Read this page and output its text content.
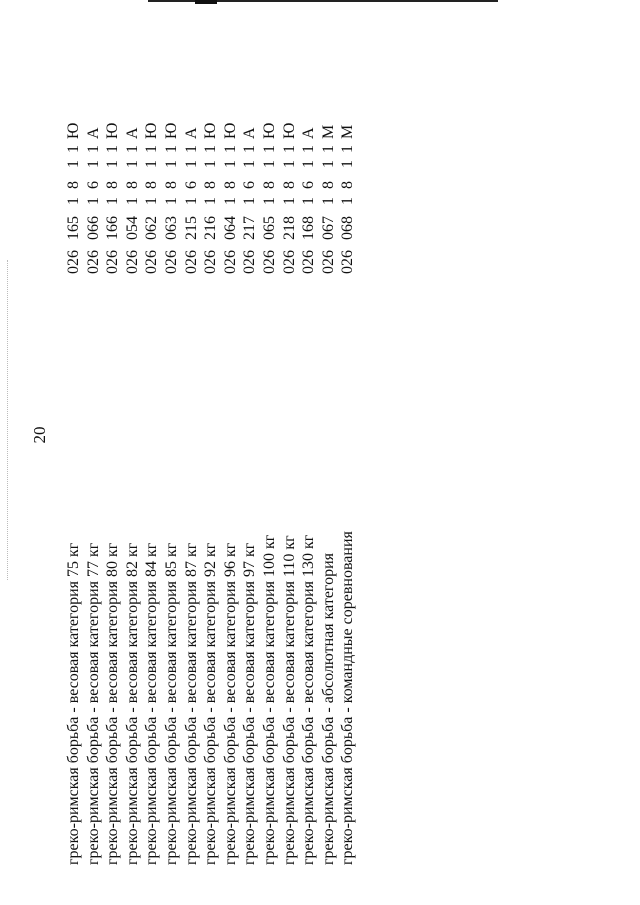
20
греко-римская борьба - весовая категория 75 кг
026
165
1
8
1
1
Ю
греко-римская борьба - весовая категория 77 кг
026
066
1
6
1
1
А
греко-римская борьба - весовая категория 80 кг
026
166
1
8
1
1
Ю
греко-римская борьба - весовая категория 82 кг
026
054
1
8
1
1
А
греко-римская борьба - весовая категория 84 кг
026
062
1
8
1
1
Ю
греко-римская борьба - весовая категория 85 кг
026
063
1
8
1
1
Ю
греко-римская борьба - весовая категория 87 кг
026
215
1
6
1
1
А
греко-римская борьба - весовая категория 92 кг
026
216
1
8
1
1
Ю
греко-римская борьба - весовая категория 96 кг
026
064
1
8
1
1
Ю
греко-римская борьба - весовая категория 97 кг
026
217
1
6
1
1
А
греко-римская борьба - весовая категория 100 кг
026
065
1
8
1
1
Ю
греко-римская борьба - весовая категория 110 кг
026
218
1
8
1
1
Ю
греко-римская борьба - весовая категория 130 кг
026
168
1
6
1
1
А
греко-римская борьба - абсолютная категория
026
067
1
8
1
1
М
греко-римская борьба - командные соревнования
026
068
1
8
1
1
М
